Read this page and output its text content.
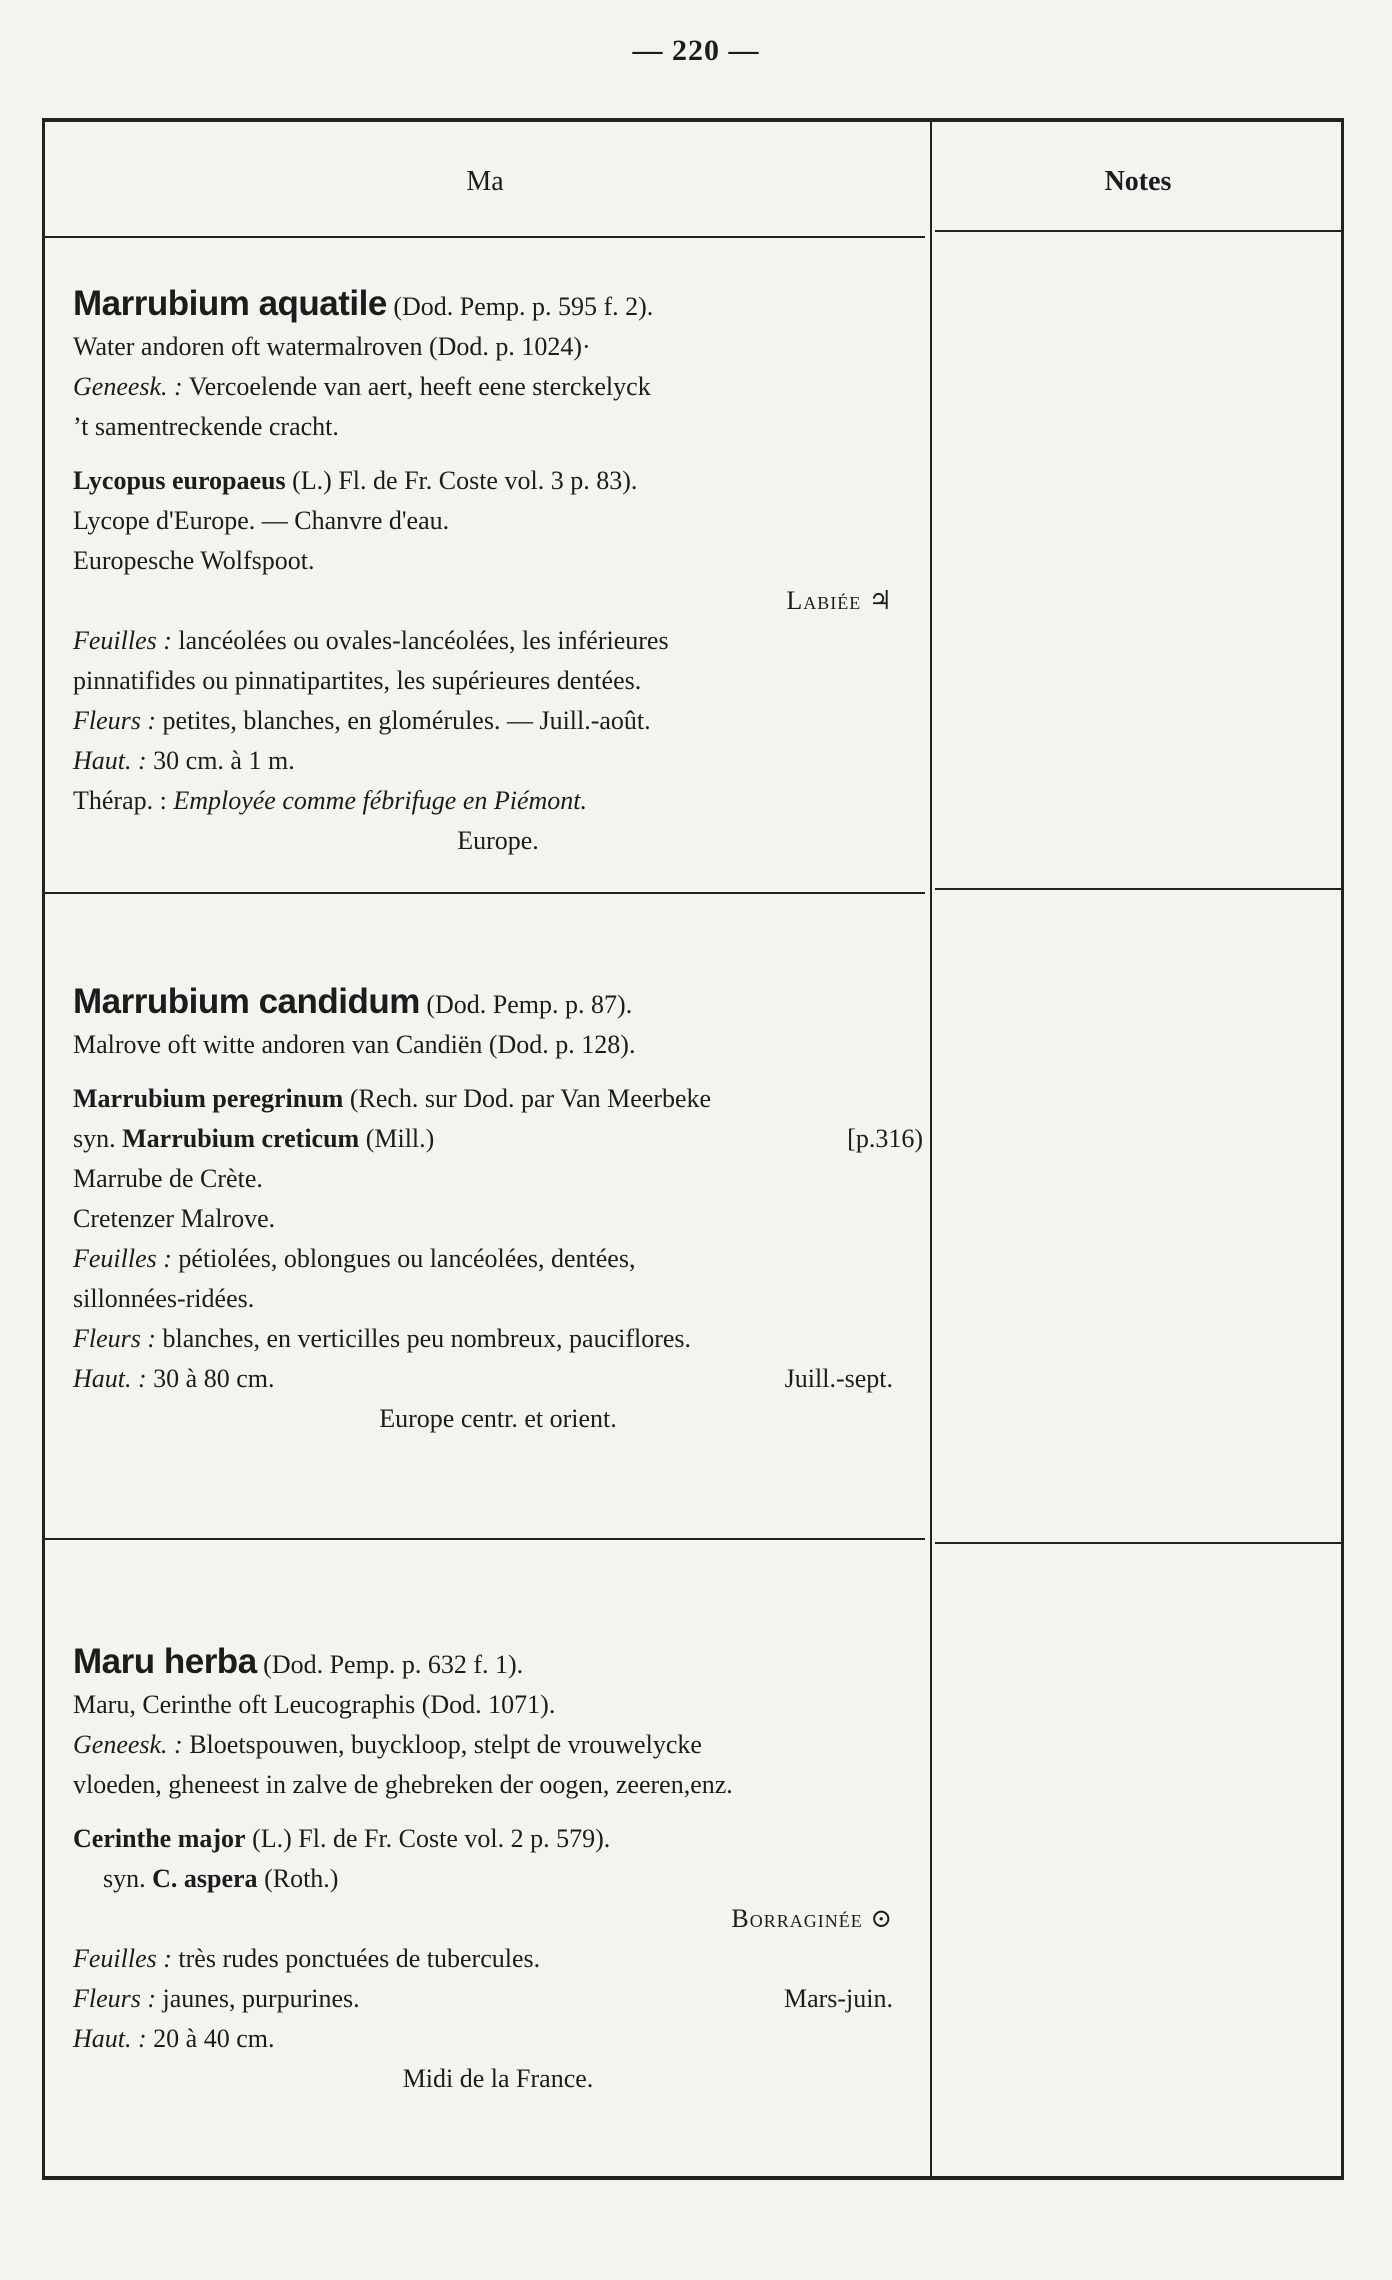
— 220 —
Ma	Notes
Marrubium aquatile (Dod. Pemp. p. 595 f. 2).
Water andoren oft watermalroven (Dod. p. 1024)·
Geneesk. : Vercoelende van aert, heeft eene sterckelyck
’t samentreckende cracht.
Lycopus europaeus (L.) Fl. de Fr. Coste vol. 3 p. 83).
Lycope d'Europe. — Chanvre d'eau.
Europesche Wolfspoot.
Labiée ♃
Feuilles : lancéolées ou ovales-lancéolées, les inférieures
pinnatifides ou pinnatipartites, les supérieures dentées.
Fleurs : petites, blanches, en glomérules. — Juill.-août.
Haut. : 30 cm. à 1 m.
Thérap. : Employée comme fébrifuge en Piémont.
Europe.
Marrubium candidum (Dod. Pemp. p. 87).
Malrove oft witte andoren van Candiën (Dod. p. 128).
Marrubium peregrinum (Rech. sur Dod. par Van Meerbeke
syn. Marrubium creticum (Mill.)	[p.316)
Marrube de Crète.
Cretenzer Malrove.
Feuilles : pétiolées, oblongues ou lancéolées, dentées,
sillonnées-ridées.
Fleurs : blanches, en verticilles peu nombreux, pauciflores.
Haut. : 30 à 80 cm.	Juill.-sept.
Europe centr. et orient.
Maru herba (Dod. Pemp. p. 632 f. 1).
Maru, Cerinthe oft Leucographis (Dod. 1071).
Geneesk. : Bloetspouwen, buyckloop, stelpt de vrouwelycke
vloeden, gheneest in zalve de ghebreken der oogen, zeeren,enz.
Cerinthe major (L.) Fl. de Fr. Coste vol. 2 p. 579).
syn. C. aspera (Roth.)
Borraginée ⊙
Feuilles : très rudes ponctuées de tubercules.
Fleurs : jaunes, purpurines.	Mars-juin.
Haut. : 20 à 40 cm.
Midi de la France.
